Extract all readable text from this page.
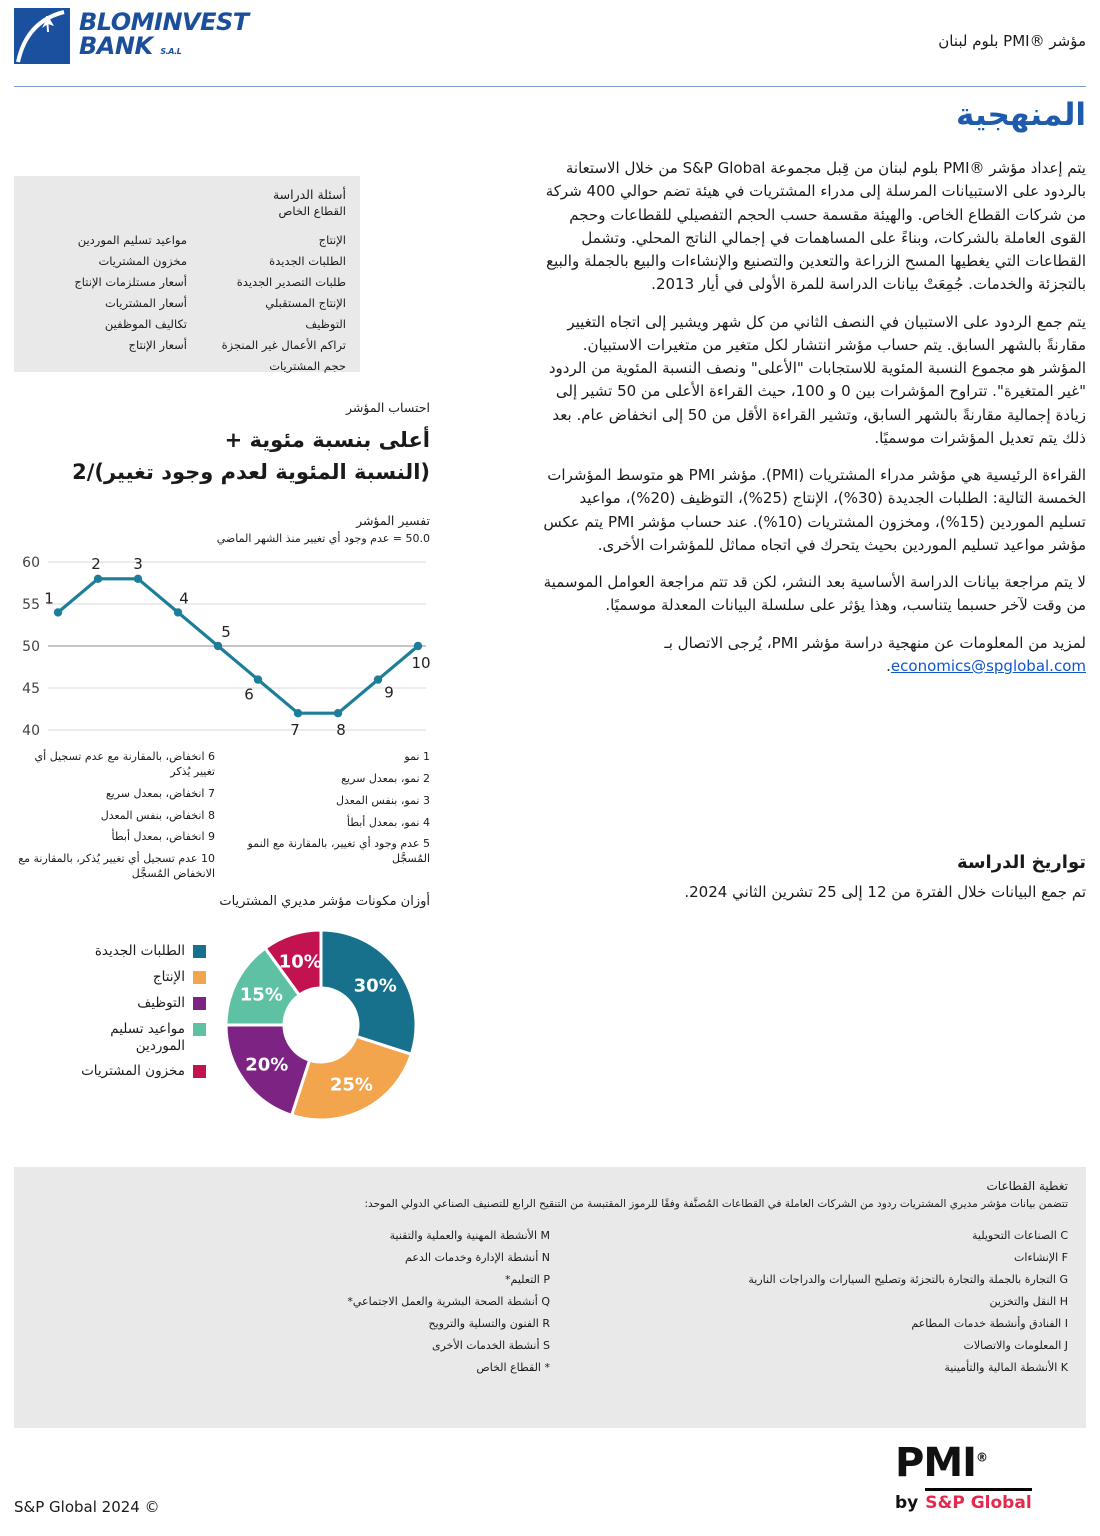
BLOMINVEST
BANK S.A.L
مؤشر ®PMI بلوم لبنان
المنهجية

يتم إعداد مؤشر ®PMI بلوم لبنان من قِبل مجموعة S&P Global من خلال الاستعانة بالردود على الاستبيانات المرسلة إلى مدراء المشتريات في هيئة تضم حوالي 400 شركة من شركات القطاع الخاص. والهيئة مقسمة حسب الحجم التفصيلي للقطاعات وحجم القوى العاملة بالشركات، وبناءً على المساهمات في إجمالي الناتج المحلي. وتشمل القطاعات التي يغطيها المسح الزراعة والتعدين والتصنيع والإنشاءات والبيع بالجملة والبيع بالتجزئة والخدمات. جُمِعَتْ بيانات الدراسة للمرة الأولى في أيار 2013.

يتم جمع الردود على الاستبيان في النصف الثاني من كل شهر ويشير إلى اتجاه التغيير مقارنةً بالشهر السابق. يتم حساب مؤشر انتشار لكل متغير من متغيرات الاستبيان. المؤشر هو مجموع النسبة المئوية للاستجابات "الأعلى" ونصف النسبة المئوية من الردود "غير المتغيرة". تتراوح المؤشرات بين 0 و 100، حيث القراءة الأعلى من 50 تشير إلى زيادة إجمالية مقارنةً بالشهر السابق، وتشير القراءة الأقل من 50 إلى انخفاض عام. بعد ذلك يتم تعديل المؤشرات موسميًا.

القراءة الرئيسية هي مؤشر مدراء المشتريات (PMI). مؤشر PMI هو متوسط المؤشرات الخمسة التالية: الطلبات الجديدة (30%)، الإنتاج (25%)، التوظيف (20%)، مواعيد تسليم الموردين (15%)، ومخزون المشتريات (10%). عند حساب مؤشر PMI يتم عكس مؤشر مواعيد تسليم الموردين بحيث يتحرك في اتجاه مماثل للمؤشرات الأخرى.

لا يتم مراجعة بيانات الدراسة الأساسية بعد النشر، لكن قد تتم مراجعة العوامل الموسمية من وقت لآخر حسبما يتناسب، وهذا يؤثر على سلسلة البيانات المعدلة موسميًا.

لمزيد من المعلومات عن منهجية دراسة مؤشر PMI، يُرجى الاتصال بـ economics@spglobal.com.

تواريخ الدراسة

تم جمع البيانات خلال الفترة من 12 إلى 25 تشرين الثاني 2024.

أسئلة الدراسة
القطاع الخاص
الإنتاج
الطلبات الجديدة
طلبات التصدير الجديدة
الإنتاج المستقبلي
التوظيف
تراكم الأعمال غير المنجزة
حجم المشتريات
مواعيد تسليم الموردين
مخزون المشتريات
أسعار مستلزمات الإنتاج
أسعار المشتريات
تكاليف الموظفين
أسعار الإنتاج
احتساب المؤشر
أعلى بنسبة مئوية +
(النسبة المئوية لعدم وجود تغيير)/2
تفسير المؤشر
50.0 = عدم وجود أي تغيير منذ الشهر الماضي
60
55
50
45
40
1
2 3
4
5
6
7 8
9
10
1 نمو
2 نمو، بمعدل سريع
3 نمو، بنفس المعدل
4 نمو، بمعدل أبطأ
5 عدم وجود أي تغيير، بالمقارنة مع النمو المُسجَّل
6 انخفاض، بالمقارنة مع عدم تسجيل أي تغيير يُذكر
7 انخفاض، بمعدل سريع
8 انخفاض، بنفس المعدل
9 انخفاض، بمعدل أبطأ
10 عدم تسجيل أي تغيير يُذكر، بالمقارنة مع الانخفاض المُسجَّل
أوزان مكونات مؤشر مديري المشتريات
30%
25%
20%
15%
10%
الطلبات الجديدة
الإنتاج
التوظيف
مواعيد تسليم الموردين
مخزون المشتريات
تغطية القطاعات
تتضمن بيانات مؤشر مديري المشتريات ردود من الشركات العاملة في القطاعات المُصنَّفة وفقًا للرموز المقتبسة من التنقيح الرابع للتصنيف الصناعي الدولي الموحد:
C الصناعات التحويلية
F الإنشاءات
G التجارة بالجملة والتجارة بالتجزئة وتصليح السيارات والدراجات النارية
H النقل والتخزين
I الفنادق وأنشطة خدمات المطاعم
J المعلومات والاتصالات
K الأنشطة المالية والتأمينية
M الأنشطة المهنية والعملية والتقنية
N أنشطة الإدارة وخدمات الدعم
P التعليم*
Q أنشطة الصحة البشرية والعمل الاجتماعي*
R الفنون والتسلية والترويح
S أنشطة الخدمات الأخرى
* القطاع الخاص
S&P Global 2024 ©
PMI®
by S&P Global
